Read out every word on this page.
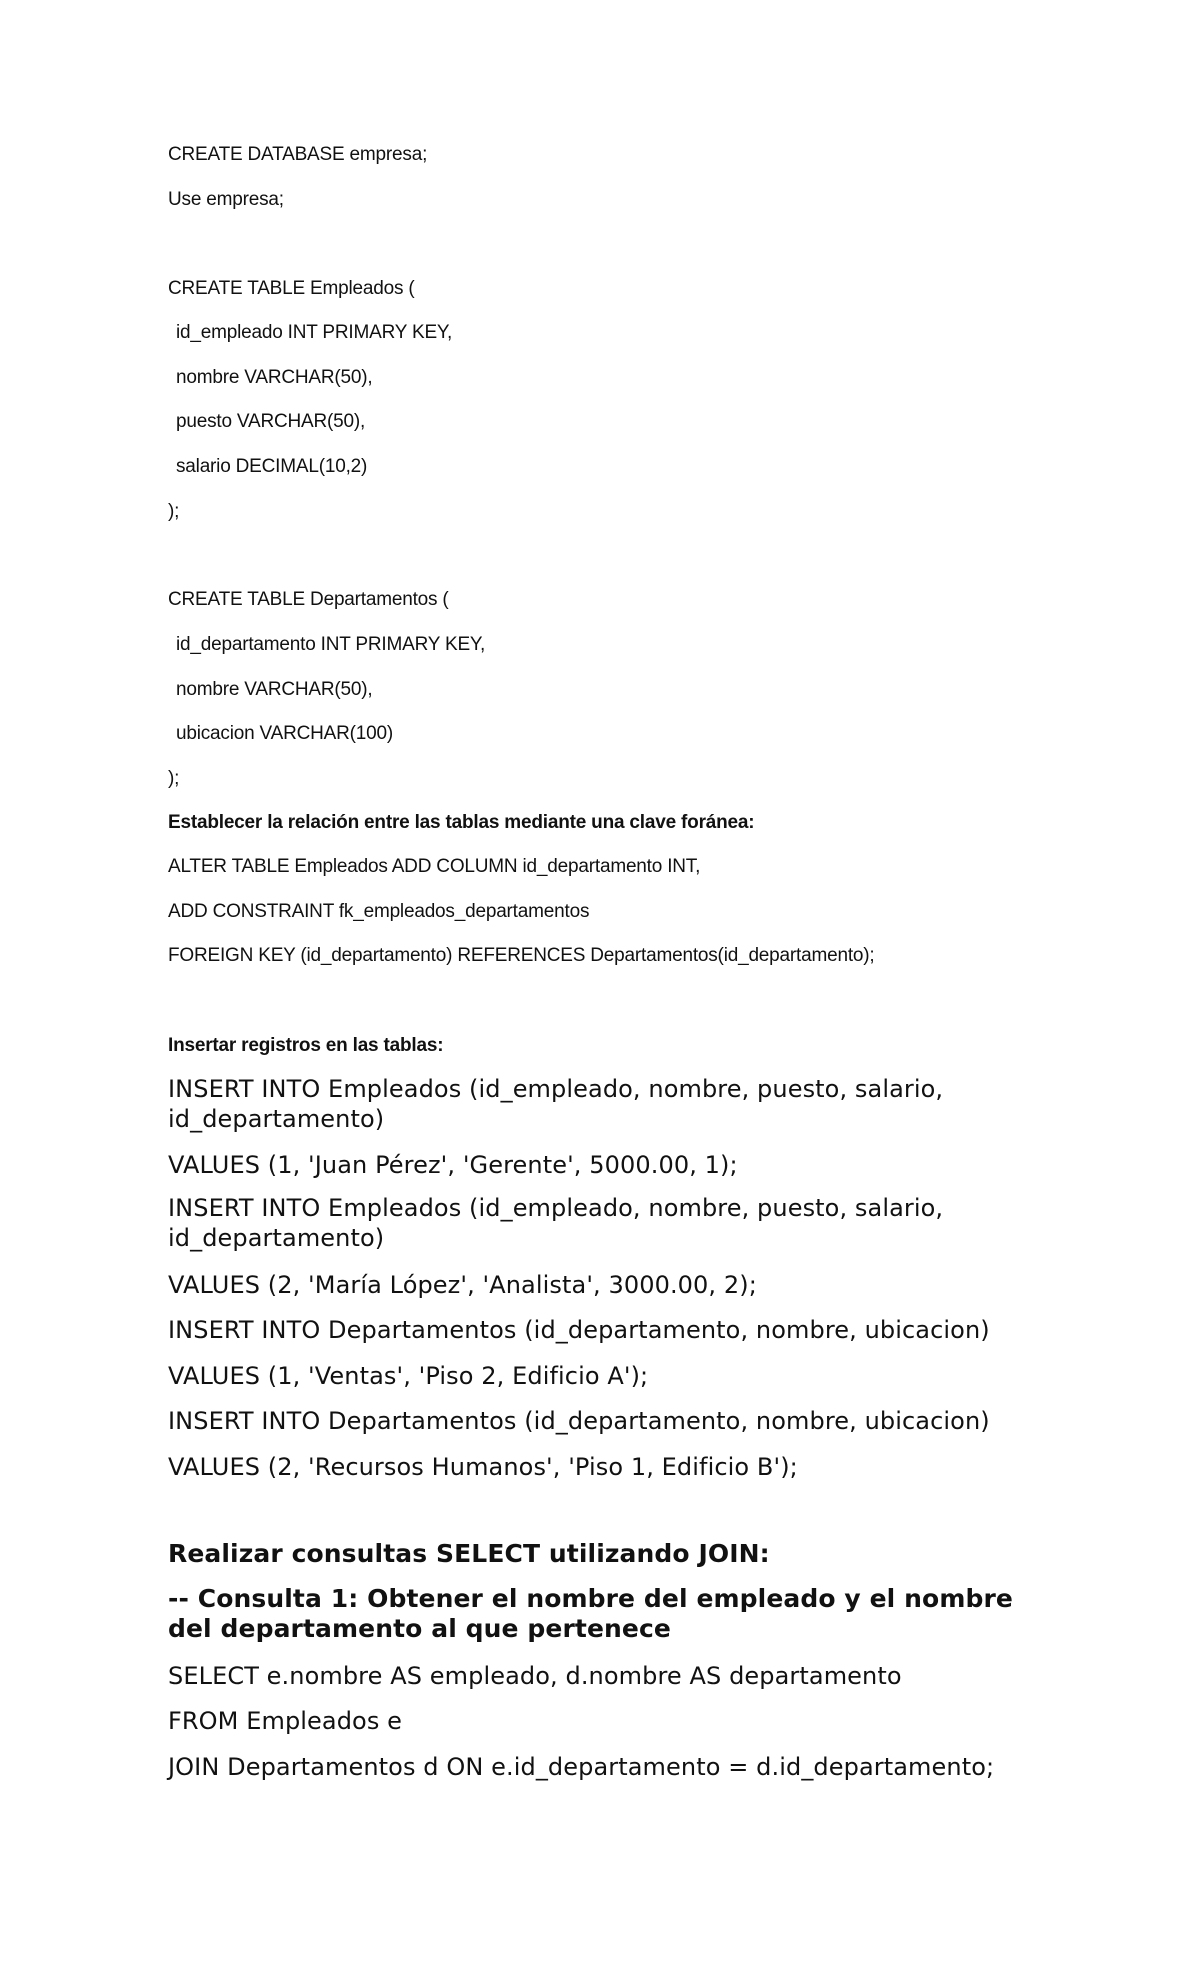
CREATE DATABASE empresa;

Use empresa;

CREATE TABLE Empleados (

id_empleado INT PRIMARY KEY,

nombre VARCHAR(50),

puesto VARCHAR(50),

salario DECIMAL(10,2)

);

CREATE TABLE Departamentos (

id_departamento INT PRIMARY KEY,

nombre VARCHAR(50),

ubicacion VARCHAR(100)

);

Establecer la relación entre las tablas mediante una clave foránea:

ALTER TABLE Empleados ADD COLUMN id_departamento INT,

ADD CONSTRAINT fk_empleados_departamentos

FOREIGN KEY (id_departamento) REFERENCES Departamentos(id_departamento);

Insertar registros en las tablas:

INSERT INTO Empleados (id_empleado, nombre, puesto, salario, id_departamento)

VALUES (1, 'Juan Pérez', 'Gerente', 5000.00, 1);

INSERT INTO Empleados (id_empleado, nombre, puesto, salario, id_departamento)

VALUES (2, 'María López', 'Analista', 3000.00, 2);

INSERT INTO Departamentos (id_departamento, nombre, ubicacion)

VALUES (1, 'Ventas', 'Piso 2, Edificio A');

INSERT INTO Departamentos (id_departamento, nombre, ubicacion)

VALUES (2, 'Recursos Humanos', 'Piso 1, Edificio B');

Realizar consultas SELECT utilizando JOIN:

-- Consulta 1: Obtener el nombre del empleado y el nombre del departamento al que pertenece

SELECT e.nombre AS empleado, d.nombre AS departamento

FROM Empleados e

JOIN Departamentos d ON e.id_departamento = d.id_departamento;
